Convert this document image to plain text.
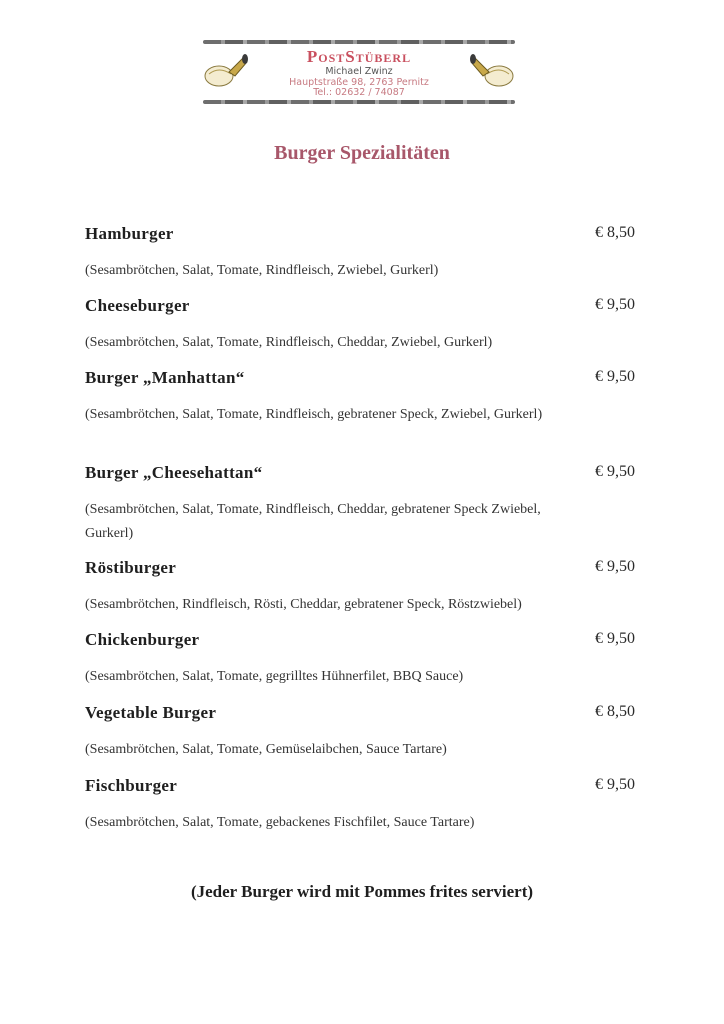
PostStüberl
Michael Zwinz
Hauptstraße 98, 2763 Pernitz
Tel.: 02632 / 74087
Burger Spezialitäten
Hamburger	€ 8,50
(Sesambrötchen, Salat, Tomate, Rindfleisch, Zwiebel, Gurkerl)
Cheeseburger	€ 9,50
(Sesambrötchen, Salat, Tomate, Rindfleisch, Cheddar, Zwiebel, Gurkerl)
Burger „Manhattan“	€ 9,50
(Sesambrötchen, Salat, Tomate, Rindfleisch, gebratener Speck, Zwiebel, Gurkerl)
Burger „Cheesehattan“	€ 9,50
(Sesambrötchen, Salat, Tomate, Rindfleisch, Cheddar, gebratener Speck Zwiebel, Gurkerl)
Röstiburger	€ 9,50
(Sesambrötchen, Rindfleisch, Rösti, Cheddar, gebratener Speck, Röstzwiebel)
Chickenburger	€ 9,50
(Sesambrötchen, Salat, Tomate, gegrilltes Hühnerfilet, BBQ Sauce)
Vegetable Burger	€ 8,50
(Sesambrötchen, Salat, Tomate, Gemüselaibchen, Sauce Tartare)
Fischburger	€ 9,50
(Sesambrötchen, Salat, Tomate, gebackenes Fischfilet, Sauce Tartare)
(Jeder Burger wird mit Pommes frites serviert)
